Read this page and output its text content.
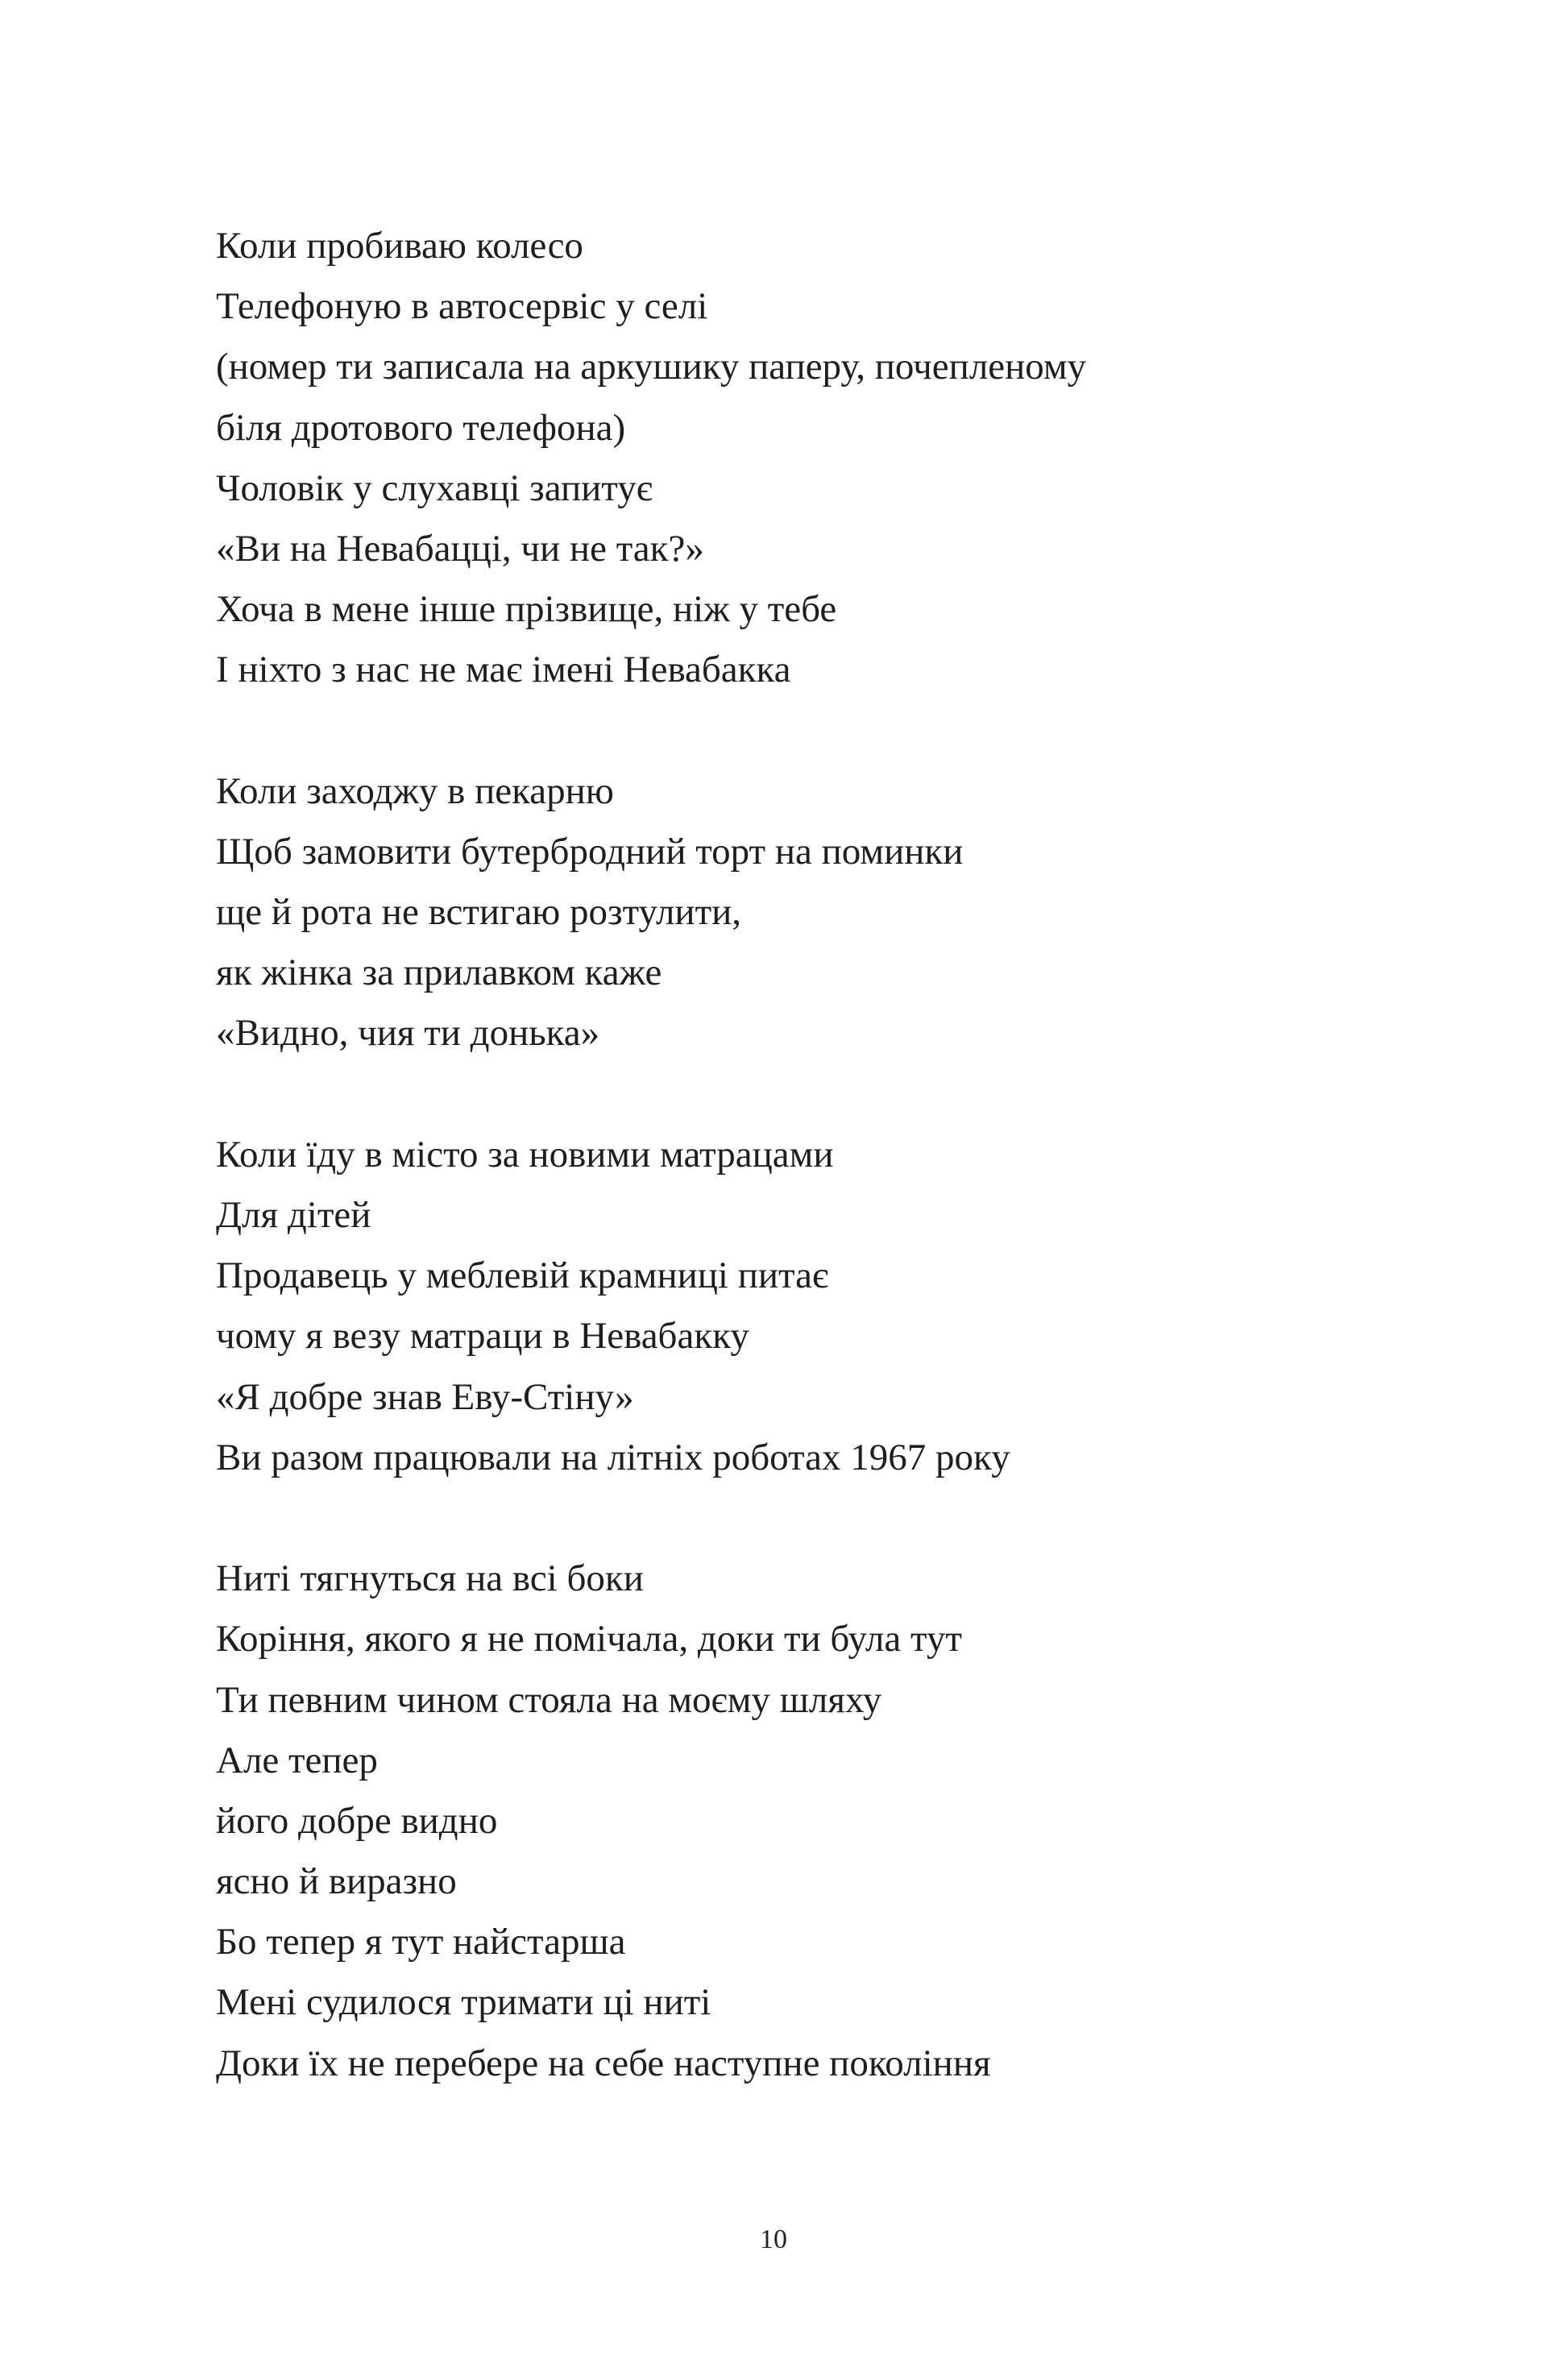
Коли пробиваю колесо
Телефоную в автосервіс у селі
(номер ти записала на аркушику паперу, почепленому
біля дротового телефона)
Чоловік у слухавці запитує
«Ви на Невабацці, чи не так?»
Хоча в мене інше прізвище, ніж у тебе
І ніхто з нас не має імені Невабакка
Коли заходжу в пекарню
Щоб замовити бутербродний торт на поминки
ще й рота не встигаю розтулити,
як жінка за прилавком каже
«Видно, чия ти донька»
Коли їду в місто за новими матрацами
Для дітей
Продавець у меблевій крамниці питає
чому я везу матраци в Невабакку
«Я добре знав Еву-Стіну»
Ви разом працювали на літніх роботах 1967 року
Ниті тягнуться на всі боки
Коріння, якого я не помічала, доки ти була тут
Ти певним чином стояла на моєму шляху
Але тепер
його добре видно
ясно й виразно
Бо тепер я тут найстарша
Мені судилося тримати ці ниті
Доки їх не перебере на себе наступне покоління
10
